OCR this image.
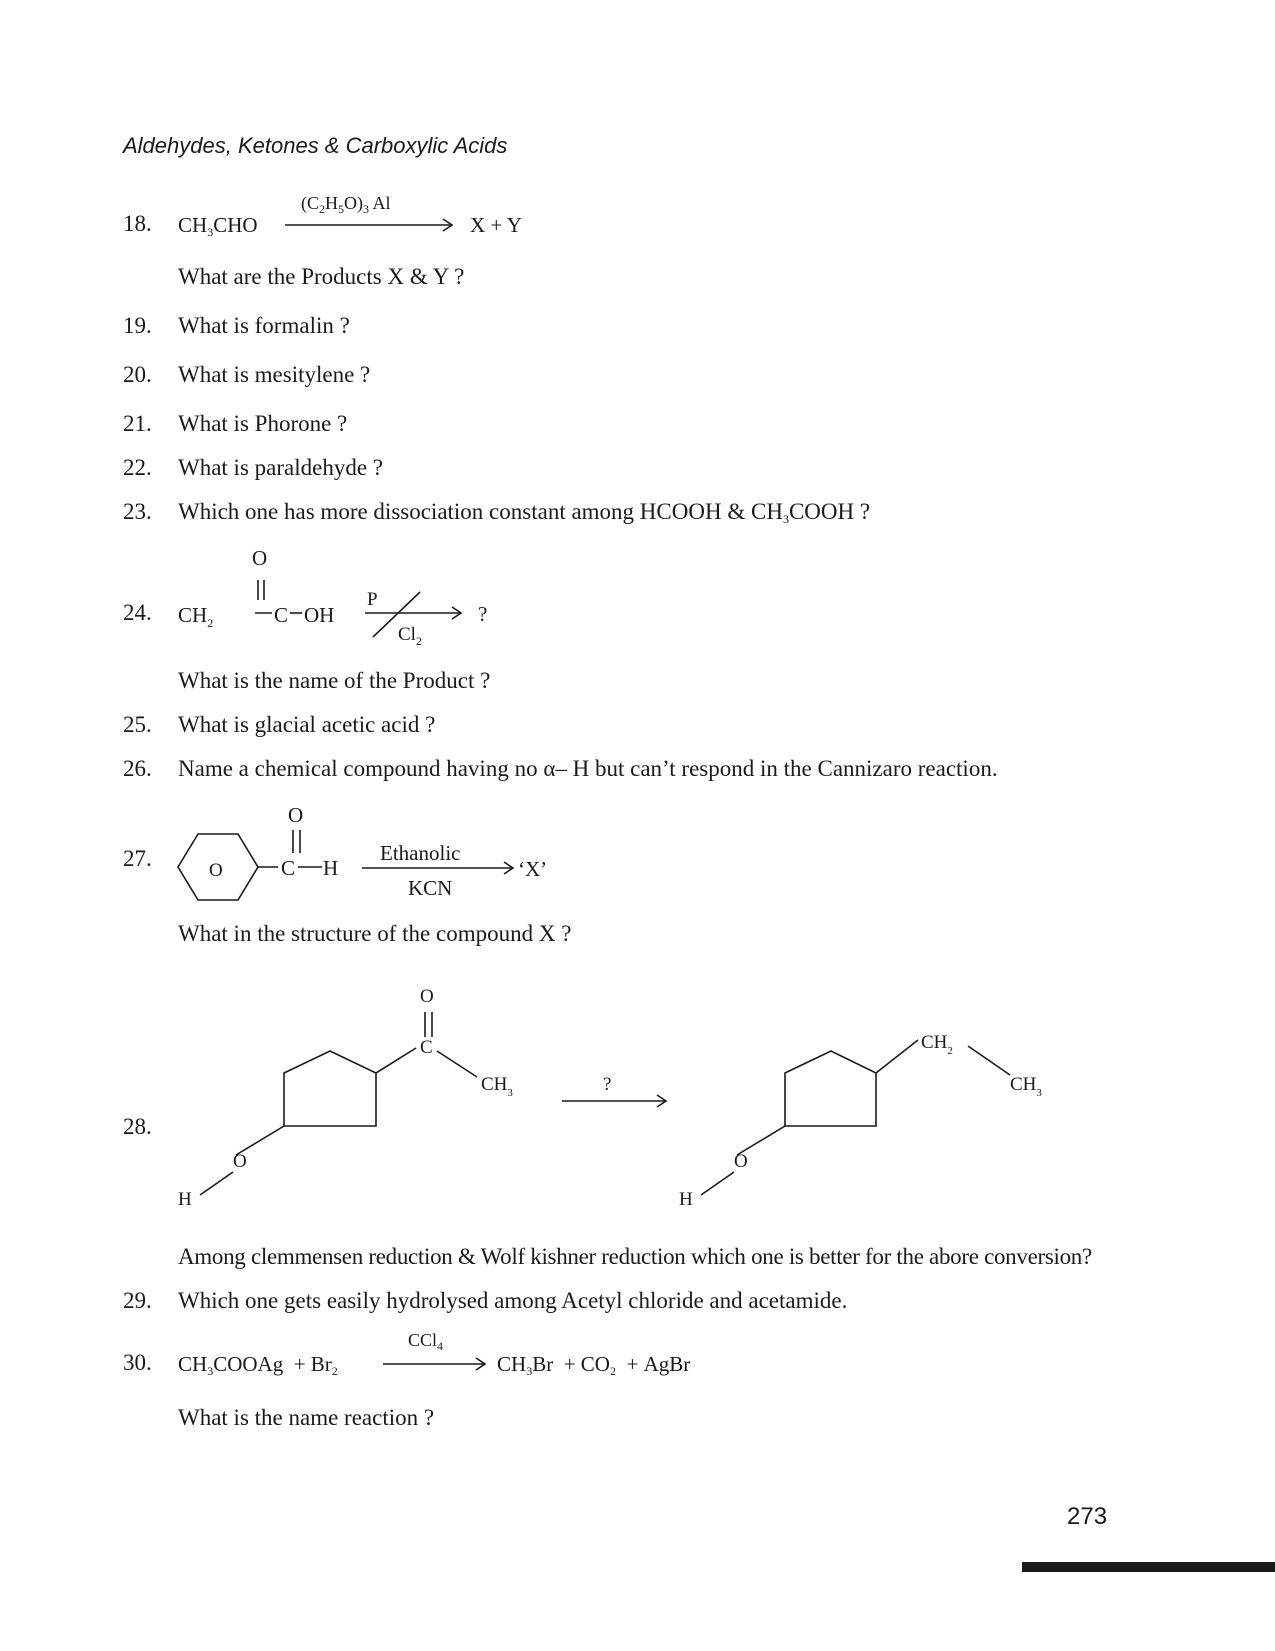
Aldehydes, Ketones & Carboxylic Acids
18. $CH_3CHO$
$(C_2H_5O)_3$ Al
X + Y
What are the Products X & Y ?
19. What is formalin ?
20. What is mesitylene ?
21. What is Phorone ?
22. What is paraldehyde ?
23. Which one has more dissociation constant among HCOOH & $CH_3COOH$ ?
24.
What is the name of the Product ?
25. What is glacial acetic acid ?
26. Name a chemical compound having no α– H but can’t respond in the Cannizaro reaction.
27.
What in the structure of the compound X ?
28.
Among clemmensen reduction & Wolf kishner reduction which one is better for the abore conversion?
29. Which one gets easily hydrolysed among Acetyl chloride and acetamide.
30. $CH_3COOAg + Br_2$
CCl$_4$
$CH_3Br + CO_2$ + AgBr
What is the name reaction ?
$CH_2$
O
C OH
P
$Cl_2$
?
O
O
C H
Ethanolic
KCN
‘X’
O
C
$CH_3$
O
H
?
$CH_2$
$CH_3$
O
H
273
